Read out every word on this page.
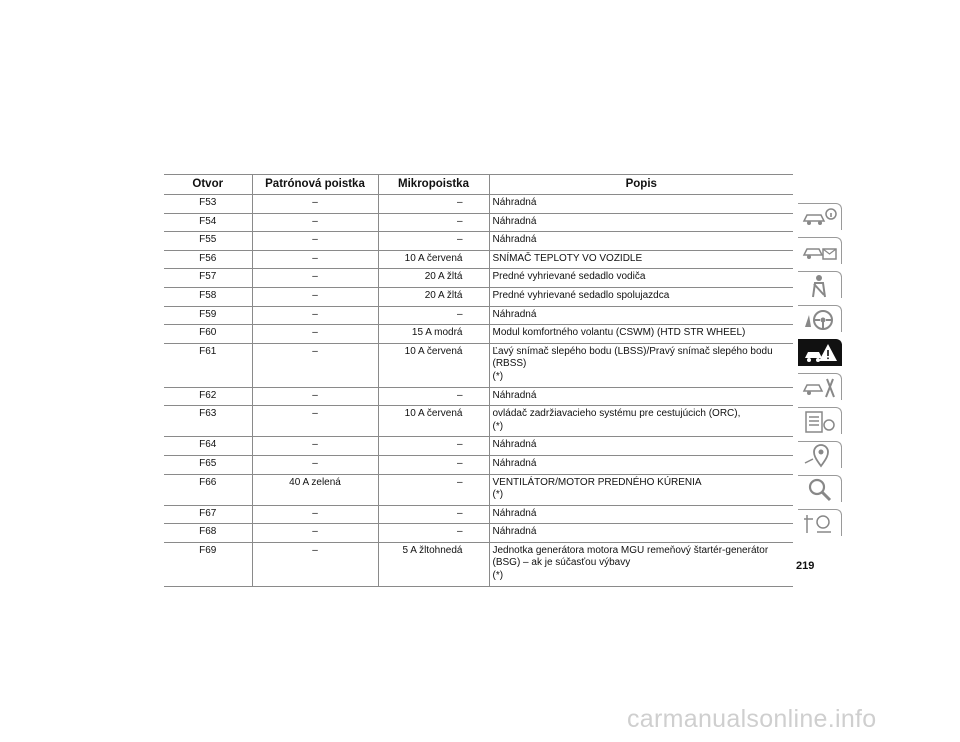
Otvor	Patrónová poistka	Mikropoistka	Popis
F53	–	–	Náhradná

F54	–	–	Náhradná

F55	–	–	Náhradná

F56	–	10 A červená	SNÍMAČ TEPLOTY VO VOZIDLE

F57	–	20 A žltá	Predné vyhrievané sedadlo vodiča

F58	–	20 A žltá	Predné vyhrievané sedadlo spolujazdca

F59	–	–	Náhradná

F60	–	15 A modrá	Modul komfortného volantu (CSWM) (HTD STR WHEEL)

F61	–	10 A červená	Ľavý snímač slepého bodu (LBSS)/Pravý snímač slepého bodu
(RBSS)
(*)

F62	–	–	Náhradná

F63	–	10 A červená	ovládač zadržiavacieho systému pre cestujúcich (ORC),
(*)

F64	–	–	Náhradná

F65	–	–	Náhradná

F66	40 A zelená	–	VENTILÁTOR/MOTOR PREDNÉHO KÚRENIA
(*)

F67	–	–	Náhradná

F68	–	–	Náhradná

F69	–	5 A žltohnedá	Jednotka generátora motora MGU remeňový štartér-generátor
(BSG) – ak je súčasťou výbavy
(*)
219
carmanualsonline.info
